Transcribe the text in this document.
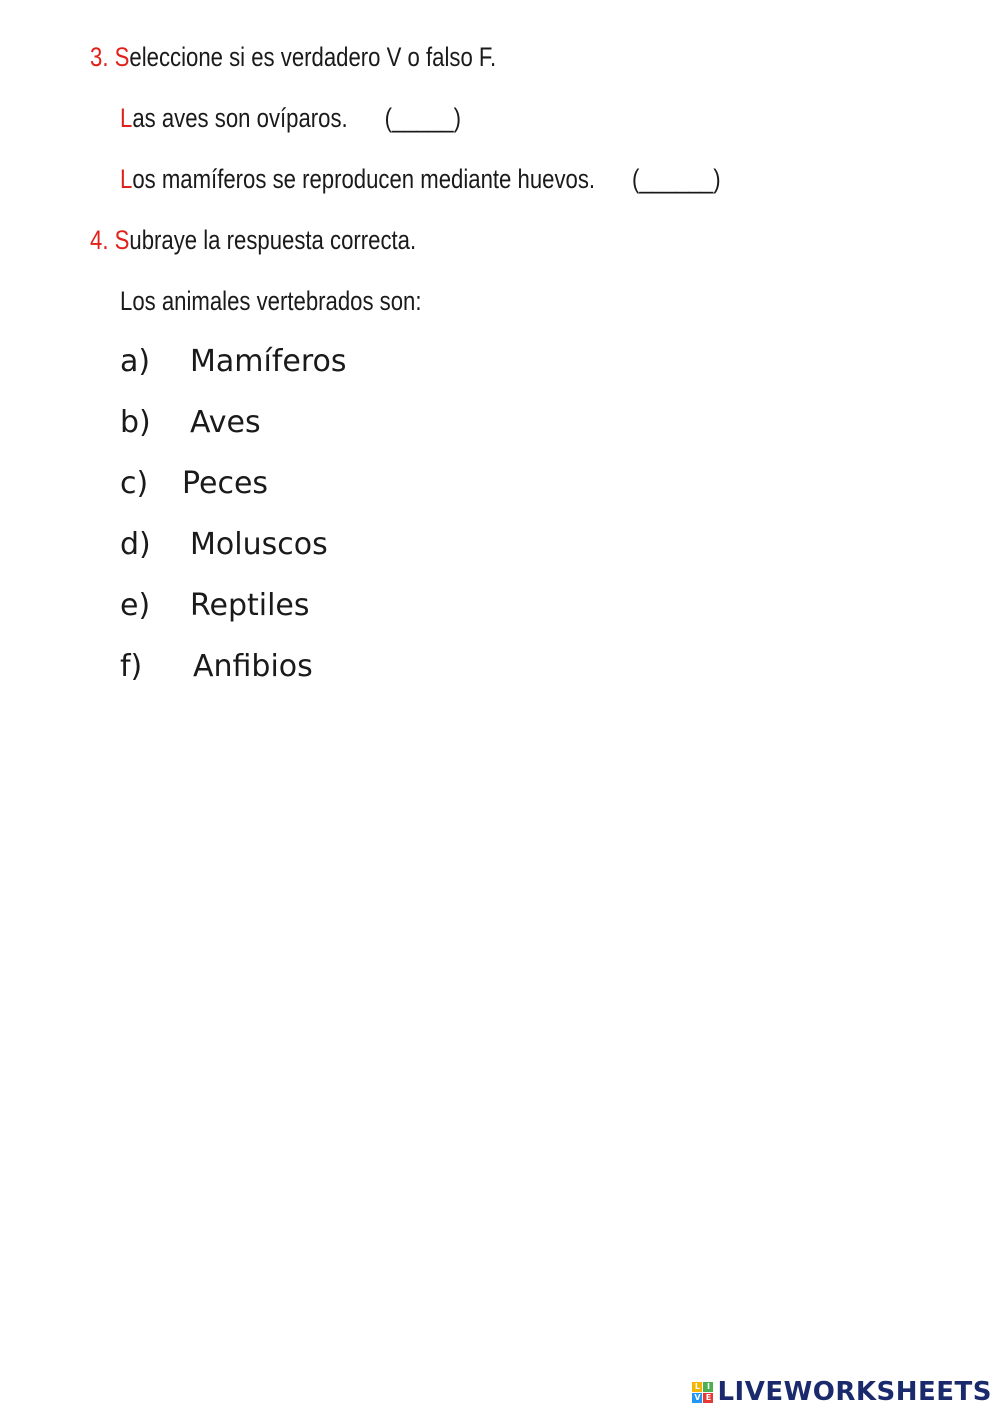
3. Seleccione si es verdadero V o falso F.
Las aves son ovíparos. (_____)
Los mamíferos se reproducen mediante huevos. (______)
4. Subraye la respuesta correcta.
Los animales vertebrados son:
a) Mamíferos
b) Aves
c) Peces
d) Moluscos
e) Reptiles
f) Anfibios
L I
V E LIVEWORKSHEETS
